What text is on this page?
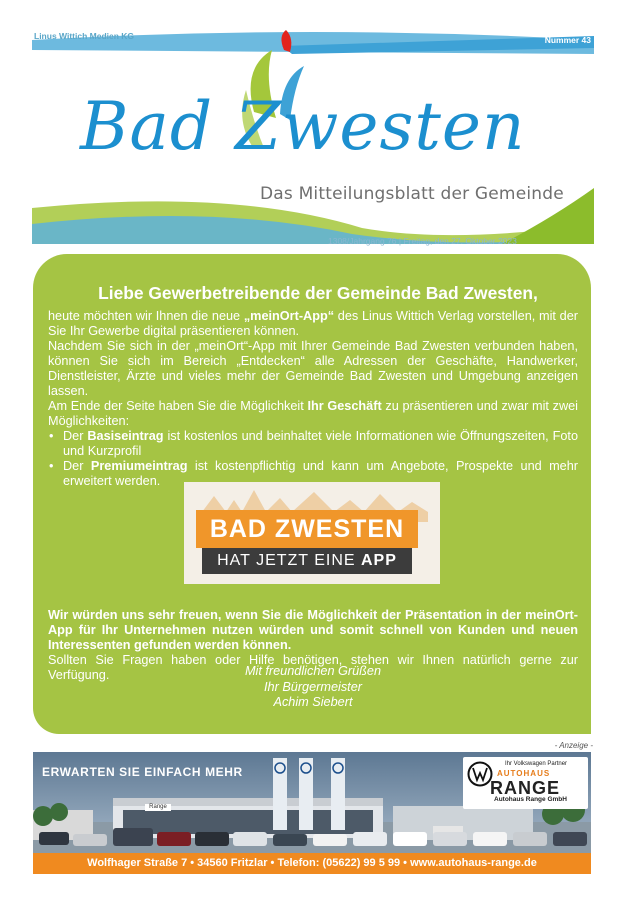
Linus Wittich Medien KG	Nummer 43
Bad Zwesten
Das Mitteilungsblatt der Gemeinde
1308/Jahrgang 76 | Freitag, den 27. Oktober 2023
Liebe Gewerbetreibende der Gemeinde Bad Zwesten,

heute möchten wir Ihnen die neue „meinOrt-App“ des Linus Wittich Verlag vorstellen, mit der Sie Ihr Gewerbe digital präsentieren können.

Nachdem Sie sich in der „meinOrt“-App mit Ihrer Gemeinde Bad Zwesten verbunden haben, können Sie sich im Bereich „Entdecken“ alle Adressen der Geschäfte, Handwerker, Dienstleister, Ärzte und vieles mehr der Gemeinde Bad Zwesten und Umgebung anzeigen lassen.

Am Ende der Seite haben Sie die Möglichkeit Ihr Geschäft zu präsentieren und zwar mit zwei Möglichkeiten:

• Der Basiseintrag ist kostenlos und beinhaltet viele Informationen wie Öffnungszeiten, Foto und Kurzprofil
• Der Premiumeintrag ist kostenpflichtig und kann um Angebote, Prospekte und mehr erweitert werden.

Wir würden uns sehr freuen, wenn Sie die Möglichkeit der Präsentation in der meinOrt-App für Ihr Unternehmen nutzen würden und somit schnell von Kunden und neuen Interessenten gefunden werden können.

Sollten Sie Fragen haben oder Hilfe benötigen, stehen wir Ihnen natürlich gerne zur Verfügung.

BAD ZWESTEN
HAT JETZT EINE APP
Mit freundlichen Grüßen
Ihr Bürgermeister
Achim Siebert
- Anzeige -
Range
ERWARTEN SIE EINFACH MEHR
Ihr Volkswagen Partner
AUTOHAUS
RANGE
Autohaus Range GmbH
Wolfhager Straße 7 • 34560 Fritzlar • Telefon: (05622) 99 5 99 • www.autohaus-range.de
